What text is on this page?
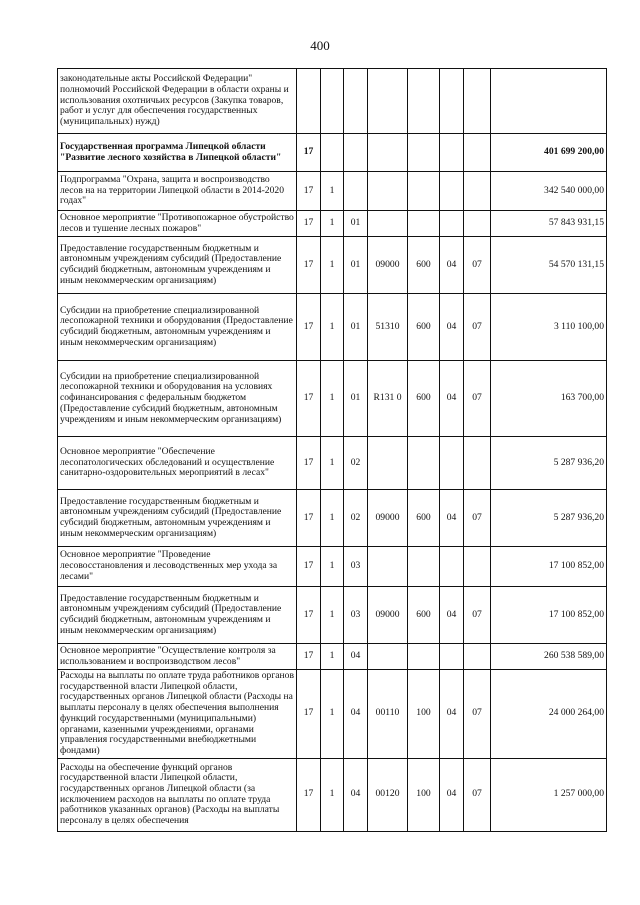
400
законодательные акты Российской Федерации" полномочий Российской Федерации в области охраны и использования охотничьих ресурсов (Закупка товаров, работ и услуг для обеспечения государственных (муниципальных) нужд)								
Государственная программа Липецкой области "Развитие лесного хозяйства в Липецкой области"	17							401 699 200,00
Подпрограмма "Охрана, защита и воспроизводство лесов на на территории Липецкой области в 2014-2020 годах"	17	1						342 540 000,00
Основное мероприятие "Противопожарное обустройство лесов и тушение лесных пожаров"	17	1	01					57 843 931,15
Предоставление государственным бюджетным и автономным учреждениям субсидий (Предоставление субсидий бюджетным, автономным учреждениям и иным некоммерческим организациям)	17	1	01	09000	600	04	07	54 570 131,15
Субсидии на приобретение специализированной лесопожарной техники и оборудования (Предоставление субсидий бюджетным, автономным учреждениям и иным некоммерческим организациям)	17	1	01	51310	600	04	07	3 110 100,00
Субсидии на приобретение специализированной лесопожарной техники и оборудования на условиях софинансирования с федеральным бюджетом (Предоставление субсидий бюджетным, автономным учреждениям и иным некоммерческим организациям)	17	1	01	R131 0	600	04	07	163 700,00
Основное мероприятие "Обеспечение лесопатологических обследований и осуществление санитарно-оздоровительных мероприятий в лесах"	17	1	02					5 287 936,20
Предоставление государственным бюджетным и автономным учреждениям субсидий (Предоставление субсидий бюджетным, автономным учреждениям и иным некоммерческим организациям)	17	1	02	09000	600	04	07	5 287 936,20
Основное мероприятие "Проведение лесовосстановления и лесоводственных мер ухода за лесами"	17	1	03					17 100 852,00
Предоставление государственным бюджетным и автономным учреждениям субсидий (Предоставление субсидий бюджетным, автономным учреждениям и иным некоммерческим организациям)	17	1	03	09000	600	04	07	17 100 852,00
Основное мероприятие "Осуществление контроля за использованием и воспроизводством лесов"	17	1	04					260 538 589,00
Расходы на выплаты по оплате труда работников органов государственной власти Липецкой области, государственных органов Липецкой области (Расходы на выплаты персоналу в целях обеспечения выполнения функций государственными (муниципальными) органами, казенными учреждениями, органами управления государственными внебюджетными фондами)	17	1	04	00110	100	04	07	24 000 264,00
Расходы на обеспечение функций органов государственной власти Липецкой области, государственных органов Липецкой области (за исключением расходов на выплаты по оплате труда работников указанных органов) (Расходы на выплаты персоналу в целях обеспечения	17	1	04	00120	100	04	07	1 257 000,00
